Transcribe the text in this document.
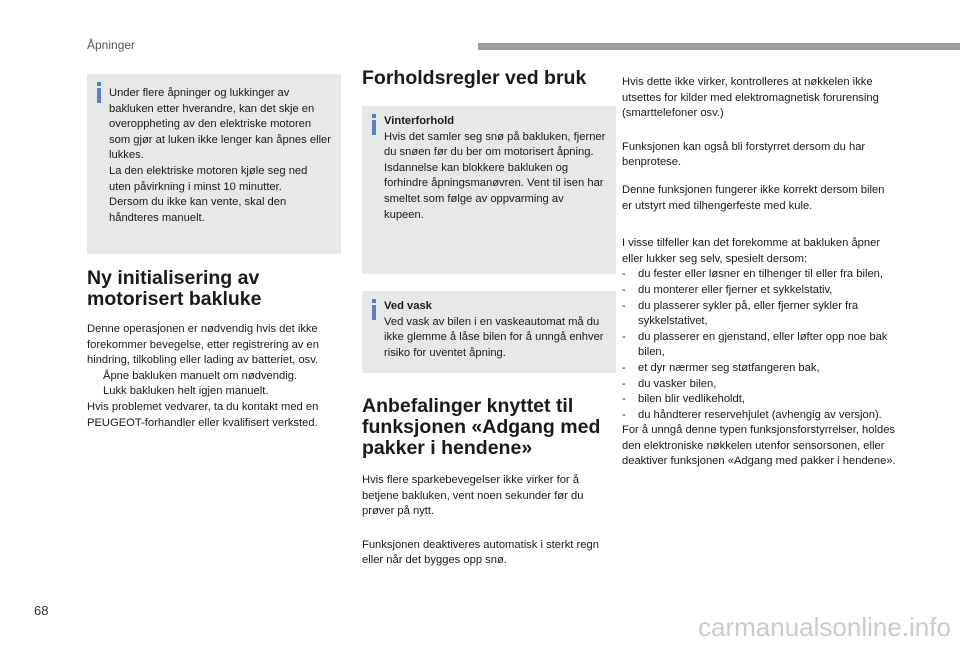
Åpninger

Under flere åpninger og lukkinger av bakluken etter hverandre, kan det skje en overoppheting av den elektriske motoren som gjør at luken ikke lenger kan åpnes eller lukkes.

La den elektriske motoren kjøle seg ned uten påvirkning i minst 10 minutter.

Dersom du ikke kan vente, skal den håndteres manuelt.

Ny initialisering av motorisert bakluke

Denne operasjonen er nødvendig hvis det ikke forekommer bevegelse, etter registrering av en hindring, tilkobling eller lading av batteriet, osv.

Åpne bakluken manuelt om nødvendig.
Lukk bakluken helt igjen manuelt.

Hvis problemet vedvarer, ta du kontakt med en PEUGEOT-forhandler eller kvalifisert verksted.

Forholdsregler ved bruk

Vinterforhold

Hvis det samler seg snø på bakluken, fjerner du snøen før du ber om motorisert åpning.

Isdannelse kan blokkere bakluken og forhindre åpningsmanøvren. Vent til isen har smeltet som følge av oppvarming av kupeen.

Ved vask

Ved vask av bilen i en vaskeautomat må du ikke glemme å låse bilen for å unngå enhver risiko for uventet åpning.

Anbefalinger knyttet til funksjonen «Adgang med pakker i hendene»

Hvis flere sparkebevegelser ikke virker for å betjene bakluken, vent noen sekunder før du prøver på nytt.

Funksjonen deaktiveres automatisk i sterkt regn eller når det bygges opp snø.

Hvis dette ikke virker, kontrolleres at nøkkelen ikke utsettes for kilder med elektromagnetisk forurensing (smarttelefoner osv.)

Funksjonen kan også bli forstyrret dersom du har benprotese.

Denne funksjonen fungerer ikke korrekt dersom bilen er utstyrt med tilhengerfeste med kule.

I visse tilfeller kan det forekomme at bakluken åpner eller lukker seg selv, spesielt dersom:

- du fester eller løsner en tilhenger til eller fra bilen,
- du monterer eller fjerner et sykkelstativ,
- du plasserer sykler på, eller fjerner sykler fra sykkelstativet,
- du plasserer en gjenstand, eller løfter opp noe bak bilen,
- et dyr nærmer seg støtfangeren bak,
- du vasker bilen,
- bilen blir vedlikeholdt,
- du håndterer reservehjulet (avhengig av versjon).

For å unngå denne typen funksjonsforstyrrelser, holdes den elektroniske nøkkelen utenfor sensorsonen, eller deaktiver funksjonen «Adgang med pakker i hendene».

68
carmanualsonline.info
